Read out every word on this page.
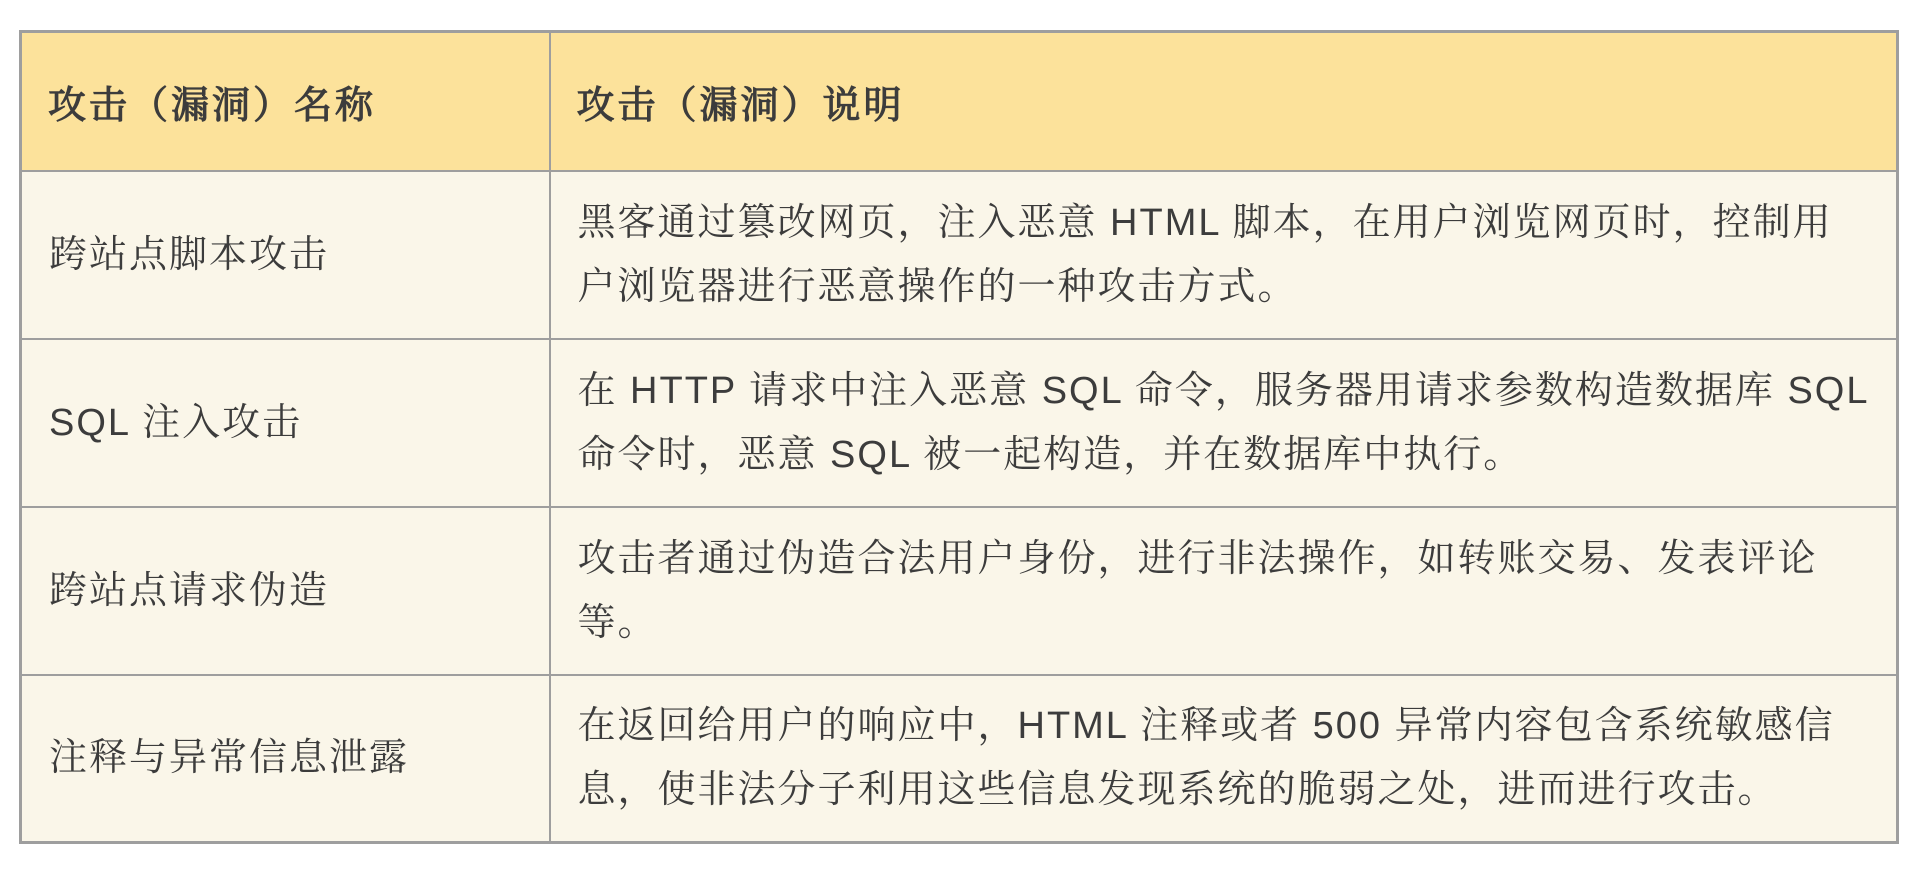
攻击（漏洞）名称	攻击（漏洞）说明
跨站点脚本攻击	黑客通过篡改网页，注入恶意 HTML 脚本，在用户浏览网页时，控制用户浏览器进行恶意操作的一种攻击方式。
SQL 注入攻击	在 HTTP 请求中注入恶意 SQL 命令，服务器用请求参数构造数据库 SQL 命令时，恶意 SQL 被一起构造，并在数据库中执行。
跨站点请求伪造	攻击者通过伪造合法用户身份，进行非法操作，如转账交易、发表评论等。
注释与异常信息泄露	在返回给用户的响应中，HTML 注释或者 500 异常内容包含系统敏感信息，使非法分子利用这些信息发现系统的脆弱之处，进而进行攻击。
